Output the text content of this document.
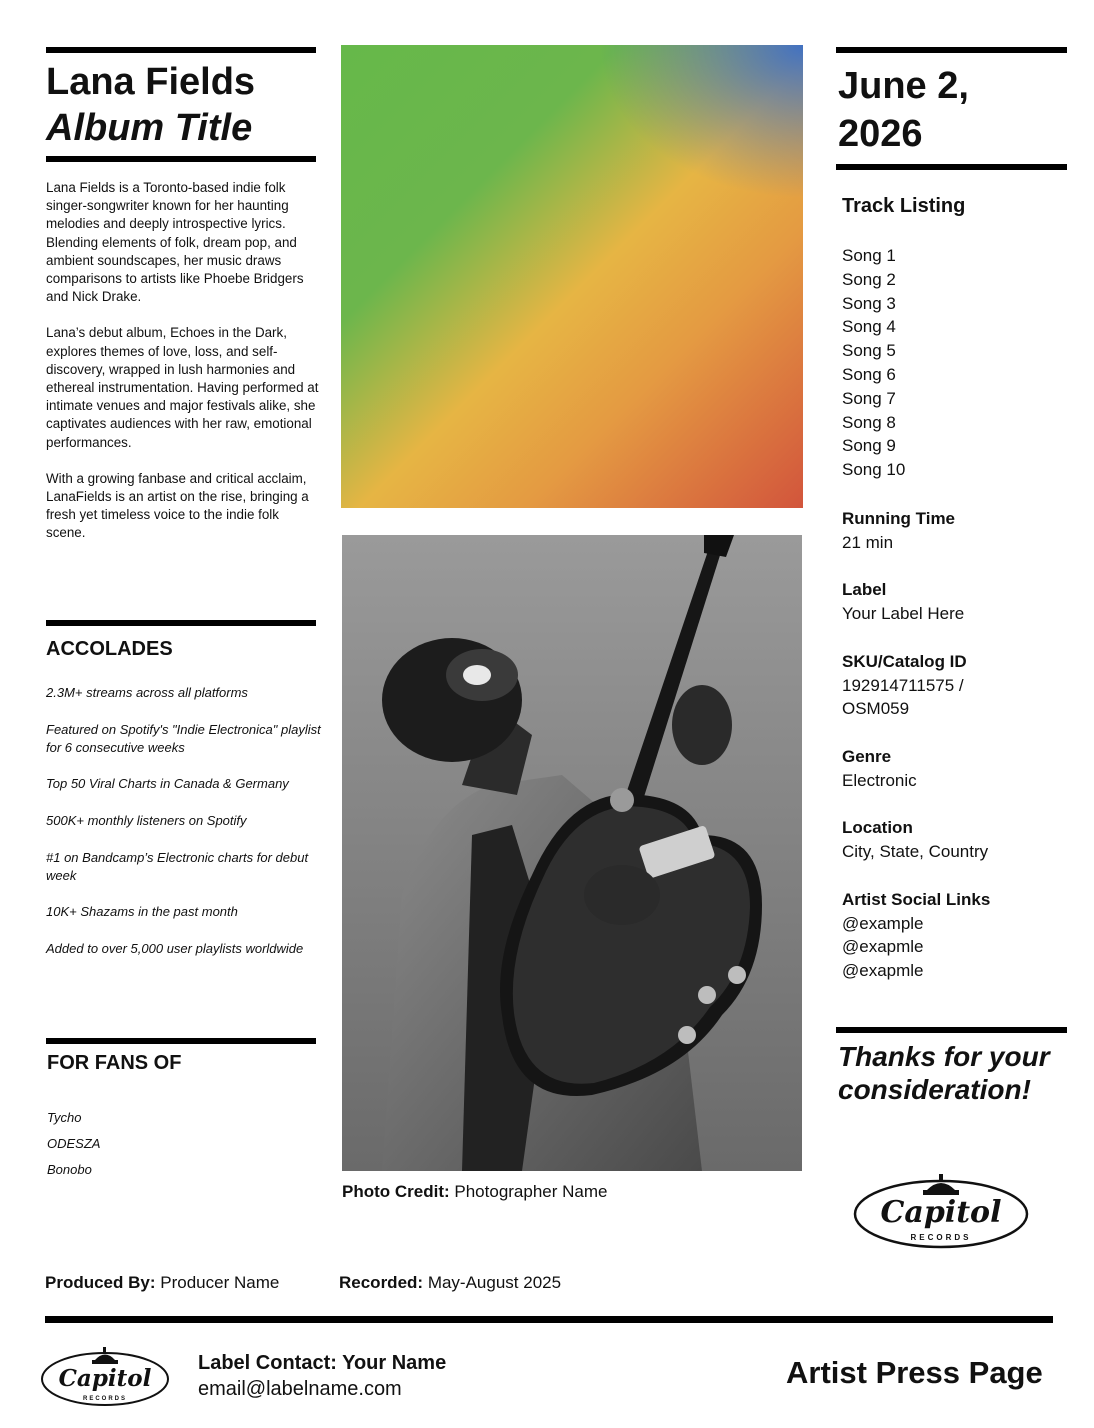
Lana Fields
Album Title

Lana Fields is a Toronto-based indie folk singer-songwriter known for her haunting melodies and deeply introspective lyrics. Blending elements of folk, dream pop, and ambient soundscapes, her music draws comparisons to artists like Phoebe Bridgers and Nick Drake.

Lana’s debut album, Echoes in the Dark, explores themes of love, loss, and self-discovery, wrapped in lush harmonies and ethereal instrumentation. Having performed at intimate venues and major festivals alike, she captivates audiences with her raw, emotional performances.

With a growing fanbase and critical acclaim, LanaFields is an artist on the rise, bringing a fresh yet timeless voice to the indie folk scene.

ACCOLADES
2.3M+ streams across all platforms
Featured on Spotify's "Indie Electronica" playlist for 6 consecutive weeks
Top 50 Viral Charts in Canada & Germany
500K+ monthly listeners on Spotify
#1 on Bandcamp’s Electronic charts for debut week
10K+ Shazams in the past month
Added to over 5,000 user playlists worldwide
FOR FANS OF
Tycho
ODESZA
Bonobo
Photo Credit: Photographer Name
June 2, 2026
Track Listing
Song 1
Song 2
Song 3
Song 4
Song 5
Song 6
Song 7
Song 8
Song 9
Song 10
Running Time
21 min
Label
Your Label Here
SKU/Catalog ID
192914711575 / OSM059
Genre
Electronic
Location
City, State, Country
Artist Social Links
@example
@exapmle
@exapmle
Thanks for your consideration!
Capitol
RECORDS
Produced By: Producer Name	Recorded: May-August 2025
Capitol
RECORDS
Label Contact: Your Name
email@labelname.com	Artist Press Page
